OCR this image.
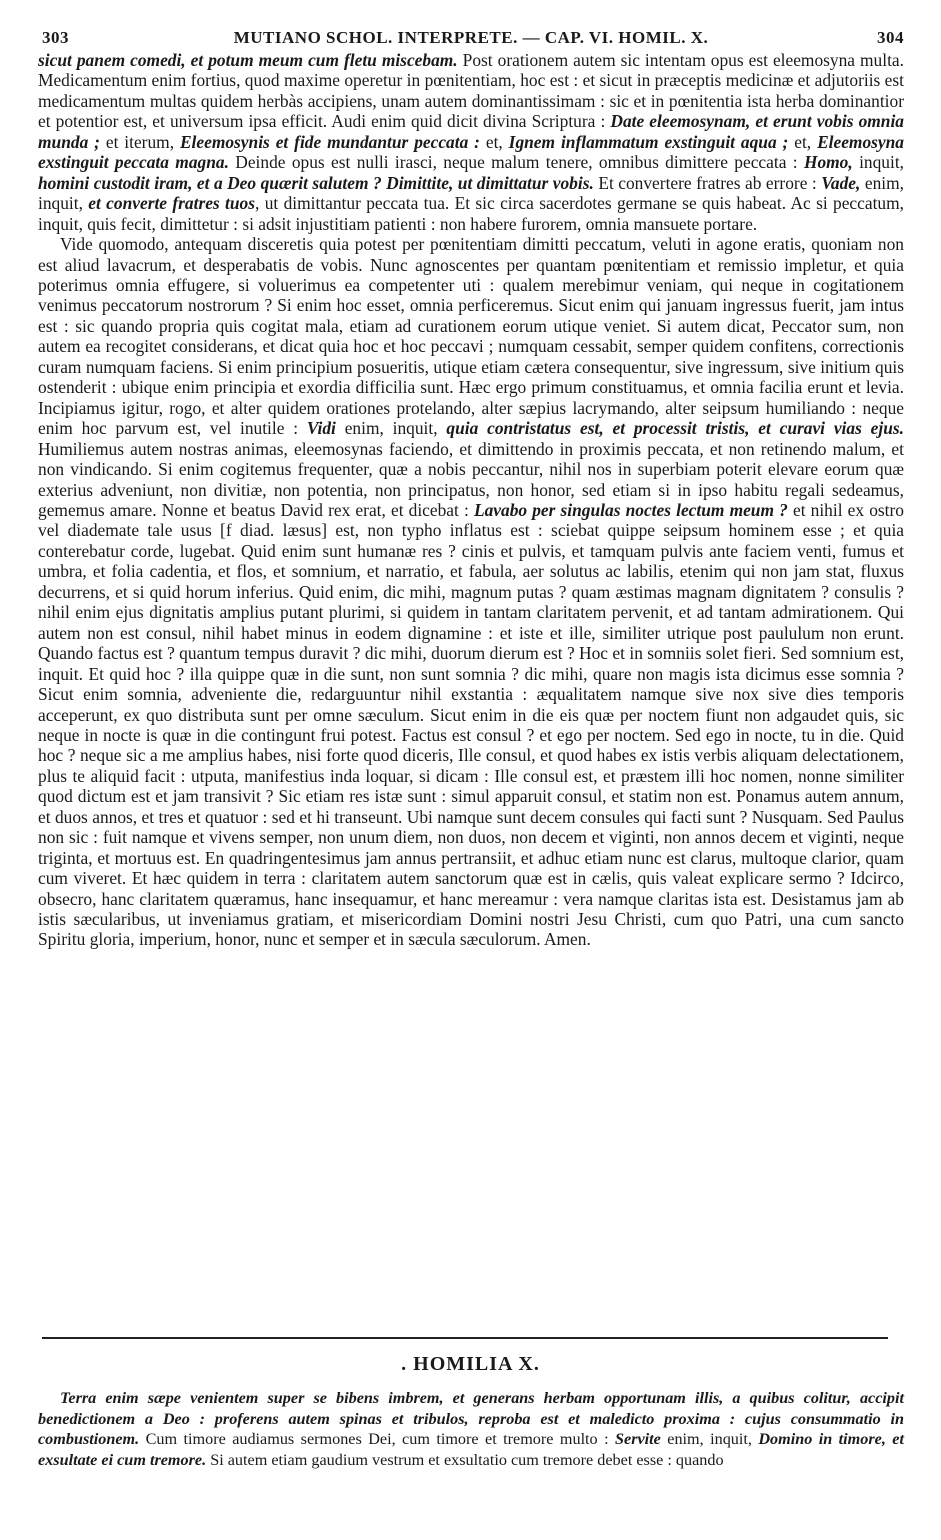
303	MUTIANO SCHOL. INTERPRETE. — CAP. VI. HOMIL. X.	304

sicut panem comedi, et potum meum cum fletu miscebam. Post orationem autem sic intentam opus est eleemosyna multa. Medicamentum enim fortius, quod maxime operetur in pœnitentiam, hoc est : et sicut in præceptis medicinæ et adjutoriis est medicamentum multas quidem herbàs accipiens, unam autem dominantissimam : sic et in pœnitentia ista herba dominantior et potentior est, et universum ipsa efficit. Audi enim quid dicit divina Scriptura : Date eleemosynam, et erunt vobis omnia munda ; et iterum, Eleemosynis et fide mundantur peccata : et, Ignem inflammatum exstinguit aqua ; et, Eleemosyna exstinguit peccata magna. Deinde opus est nulli irasci, neque malum tenere, omnibus dimittere peccata : Homo, inquit, homini custodit iram, et a Deo quærit salutem ? Dimittite, ut dimittatur vobis. Et convertere fratres ab errore : Vade, enim, inquit, et converte fratres tuos, ut dimittantur peccata tua. Et sic circa sacerdotes germane se quis habeat. Ac si peccatum, inquit, quis fecit, dimittetur : si adsit injustitiam patienti : non habere furorem, omnia mansuete portare.

Vide quomodo, antequam disceretis quia potest per pœnitentiam dimitti peccatum, veluti in agone eratis, quoniam non est aliud lavacrum, et desperabatis de vobis. Nunc agnoscentes per quantam pœnitentiam et remissio impletur, et quia poterimus omnia effugere, si voluerimus ea competenter uti : qualem merebimur veniam, qui neque in cogitationem venimus peccatorum nostrorum ? Si enim hoc esset, omnia perficeremus. Sicut enim qui januam ingressus fuerit, jam intus est : sic quando propria quis cogitat mala, etiam ad curationem eorum utique veniet. Si autem dicat, Peccator sum, non autem ea recogitet considerans, et dicat quia hoc et hoc peccavi ; numquam cessabit, semper quidem confitens, correctionis curam numquam faciens. Si enim principium posueritis, utique etiam cætera consequentur, sive ingressum, sive initium quis ostenderit : ubique enim principia et exordia difficilia sunt. Hæc ergo primum constituamus, et omnia facilia erunt et levia. Incipiamus igitur, rogo, et alter quidem orationes protelando, alter sæpius lacrymando, alter seipsum humiliando : neque enim hoc parvum est, vel inutile : Vidi enim, inquit, quia contristatus est, et processit tristis, et curavi vias ejus. Humiliemus autem nostras animas, eleemosynas faciendo, et dimittendo in proximis peccata, et non retinendo malum, et non vindicando. Si enim cogitemus frequenter, quæ a nobis peccantur, nihil nos in superbiam poterit elevare eorum quæ exterius adveniunt, non divitiæ, non potentia, non principatus, non honor, sed etiam si in ipso habitu regali sedeamus, gememus amare. Nonne et beatus David rex erat, et dicebat : Lavabo per singulas noctes lectum meum ? et nihil ex ostro vel diademate tale usus [f diad. læsus] est, non typho inflatus est : sciebat quippe seipsum hominem esse ; et quia conterebatur corde, lugebat. Quid enim sunt humanæ res ? cinis et pulvis, et tamquam pulvis ante faciem venti, fumus et umbra, et folia cadentia, et flos, et somnium, et narratio, et fabula, aer solutus ac labilis, etenim qui non jam stat, fluxus decurrens, et si quid horum inferius. Quid enim, dic mihi, magnum putas ? quam æstimas magnam dignitatem ? consulis ? nihil enim ejus dignitatis amplius putant plurimi, si quidem in tantam claritatem pervenit, et ad tantam admirationem. Qui autem non est consul, nihil habet minus in eodem dignamine : et iste et ille, similiter utrique post paululum non erunt. Quando factus est ? quantum tempus duravit ? dic mihi, duorum dierum est ? Hoc et in somniis solet fieri. Sed somnium est, inquit. Et quid hoc ? illa quippe quæ in die sunt, non sunt somnia ? dic mihi, quare non magis ista dicimus esse somnia ? Sicut enim somnia, adveniente die, redarguuntur nihil exstantia : æqualitatem namque sive nox sive dies temporis acceperunt, ex quo distributa sunt per omne sæculum. Sicut enim in die eis quæ per noctem fiunt non adgaudet quis, sic neque in nocte is quæ in die contingunt frui potest. Factus est consul ? et ego per noctem. Sed ego in nocte, tu in die. Quid hoc ? neque sic a me amplius habes, nisi forte quod diceris, Ille consul, et quod habes ex istis verbis aliquam delectationem, plus te aliquid facit : utputa, manifestius inda loquar, si dicam : Ille consul est, et præstem illi hoc nomen, nonne similiter quod dictum est et jam transivit ? Sic etiam res istæ sunt : simul apparuit consul, et statim non est. Ponamus autem annum, et duos annos, et tres et quatuor : sed et hi transeunt. Ubi namque sunt decem consules qui facti sunt ? Nusquam. Sed Paulus non sic : fuit namque et vivens semper, non unum diem, non duos, non decem et viginti, non annos decem et viginti, neque triginta, et mortuus est. En quadringentesimus jam annus pertransiit, et adhuc etiam nunc est clarus, multoque clarior, quam cum viveret. Et hæc quidem in terra : claritatem autem sanctorum quæ est in cælis, quis valeat explicare sermo ? Idcirco, obsecro, hanc claritatem quæramus, hanc insequamur, et hanc mereamur : vera namque claritas ista est. Desistamus jam ab istis sæcularibus, ut inveniamus gratiam, et misericordiam Domini nostri Jesu Christi, cum quo Patri, una cum sancto Spiritu gloria, imperium, honor, nunc et semper et in sæcula sæculorum. Amen.

. HOMILIA X.

Terra enim sæpe venientem super se bibens imbrem, et generans herbam opportunam illis, a quibus colitur, accipit benedictionem a Deo : proferens autem spinas et tribulos, reproba est et maledicto proxima : cujus consummatio in combustionem. Cum timore audiamus sermones Dei, cum timore et tremore multo : Servite enim, inquit, Domino in timore, et exsultate ei cum tremore. Si autem etiam gaudium vestrum et exsultatio cum tremore debet esse : quando
